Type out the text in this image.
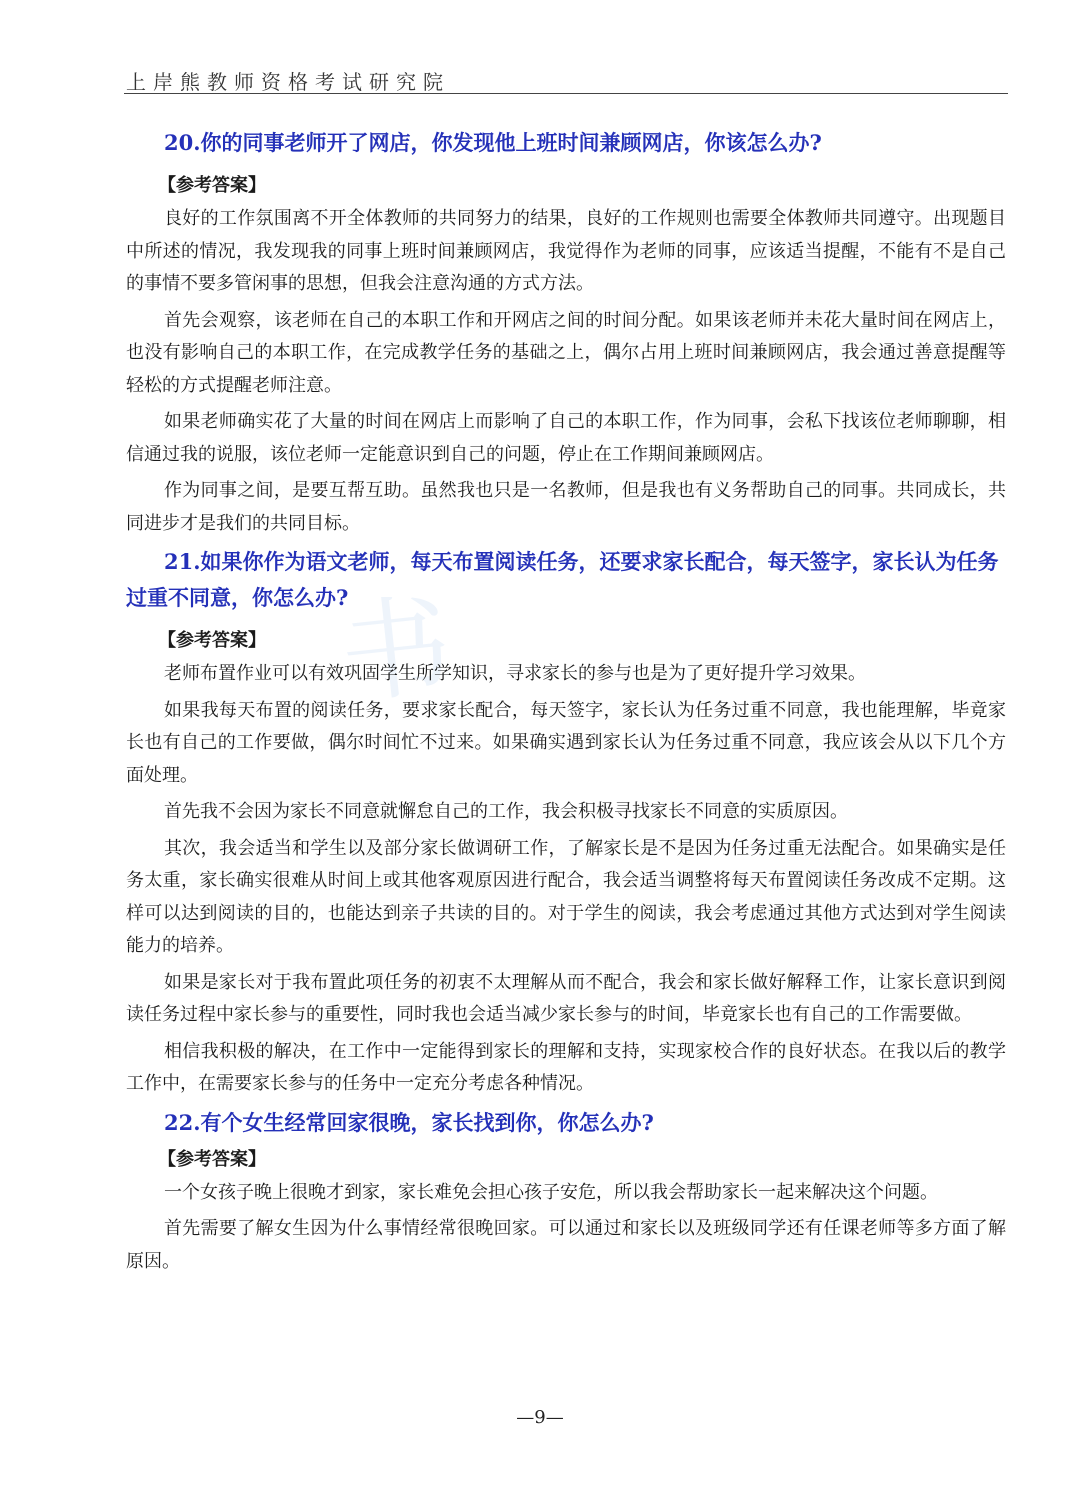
上岸熊教师资格考试研究院
书
20.你的同事老师开了网店，你发现他上班时间兼顾网店，你该怎么办?
【参考答案】

良好的工作氛围离不开全体教师的共同努力的结果，良好的工作规则也需要全体教师共同遵守。出现题目中所述的情况，我发现我的同事上班时间兼顾网店，我觉得作为老师的同事，应该适当提醒，不能有不是自己的事情不要多管闲事的思想，但我会注意沟通的方式方法。

首先会观察，该老师在自己的本职工作和开网店之间的时间分配。如果该老师并未花大量时间在网店上，也没有影响自己的本职工作，在完成教学任务的基础之上，偶尔占用上班时间兼顾网店，我会通过善意提醒等轻松的方式提醒老师注意。

如果老师确实花了大量的时间在网店上而影响了自己的本职工作，作为同事，会私下找该位老师聊聊，相信通过我的说服，该位老师一定能意识到自己的问题，停止在工作期间兼顾网店。

作为同事之间，是要互帮互助。虽然我也只是一名教师，但是我也有义务帮助自己的同事。共同成长，共同进步才是我们的共同目标。

21.如果你作为语文老师，每天布置阅读任务，还要求家长配合，每天签字，家长认为任务过重不同意，你怎么办?
【参考答案】

老师布置作业可以有效巩固学生所学知识，寻求家长的参与也是为了更好提升学习效果。

如果我每天布置的阅读任务，要求家长配合，每天签字，家长认为任务过重不同意，我也能理解，毕竟家长也有自己的工作要做，偶尔时间忙不过来。如果确实遇到家长认为任务过重不同意，我应该会从以下几个方面处理。

首先我不会因为家长不同意就懈怠自己的工作，我会积极寻找家长不同意的实质原因。

其次，我会适当和学生以及部分家长做调研工作，了解家长是不是因为任务过重无法配合。如果确实是任务太重，家长确实很难从时间上或其他客观原因进行配合，我会适当调整将每天布置阅读任务改成不定期。这样可以达到阅读的目的，也能达到亲子共读的目的。对于学生的阅读，我会考虑通过其他方式达到对学生阅读能力的培养。

如果是家长对于我布置此项任务的初衷不太理解从而不配合，我会和家长做好解释工作，让家长意识到阅读任务过程中家长参与的重要性，同时我也会适当减少家长参与的时间，毕竟家长也有自己的工作需要做。

相信我积极的解决，在工作中一定能得到家长的理解和支持，实现家校合作的良好状态。在我以后的教学工作中，在需要家长参与的任务中一定充分考虑各种情况。

22.有个女生经常回家很晚，家长找到你，你怎么办?
【参考答案】

一个女孩子晚上很晚才到家，家长难免会担心孩子安危，所以我会帮助家长一起来解决这个问题。

首先需要了解女生因为什么事情经常很晚回家。可以通过和家长以及班级同学还有任课老师等多方面了解原因。

—9—
